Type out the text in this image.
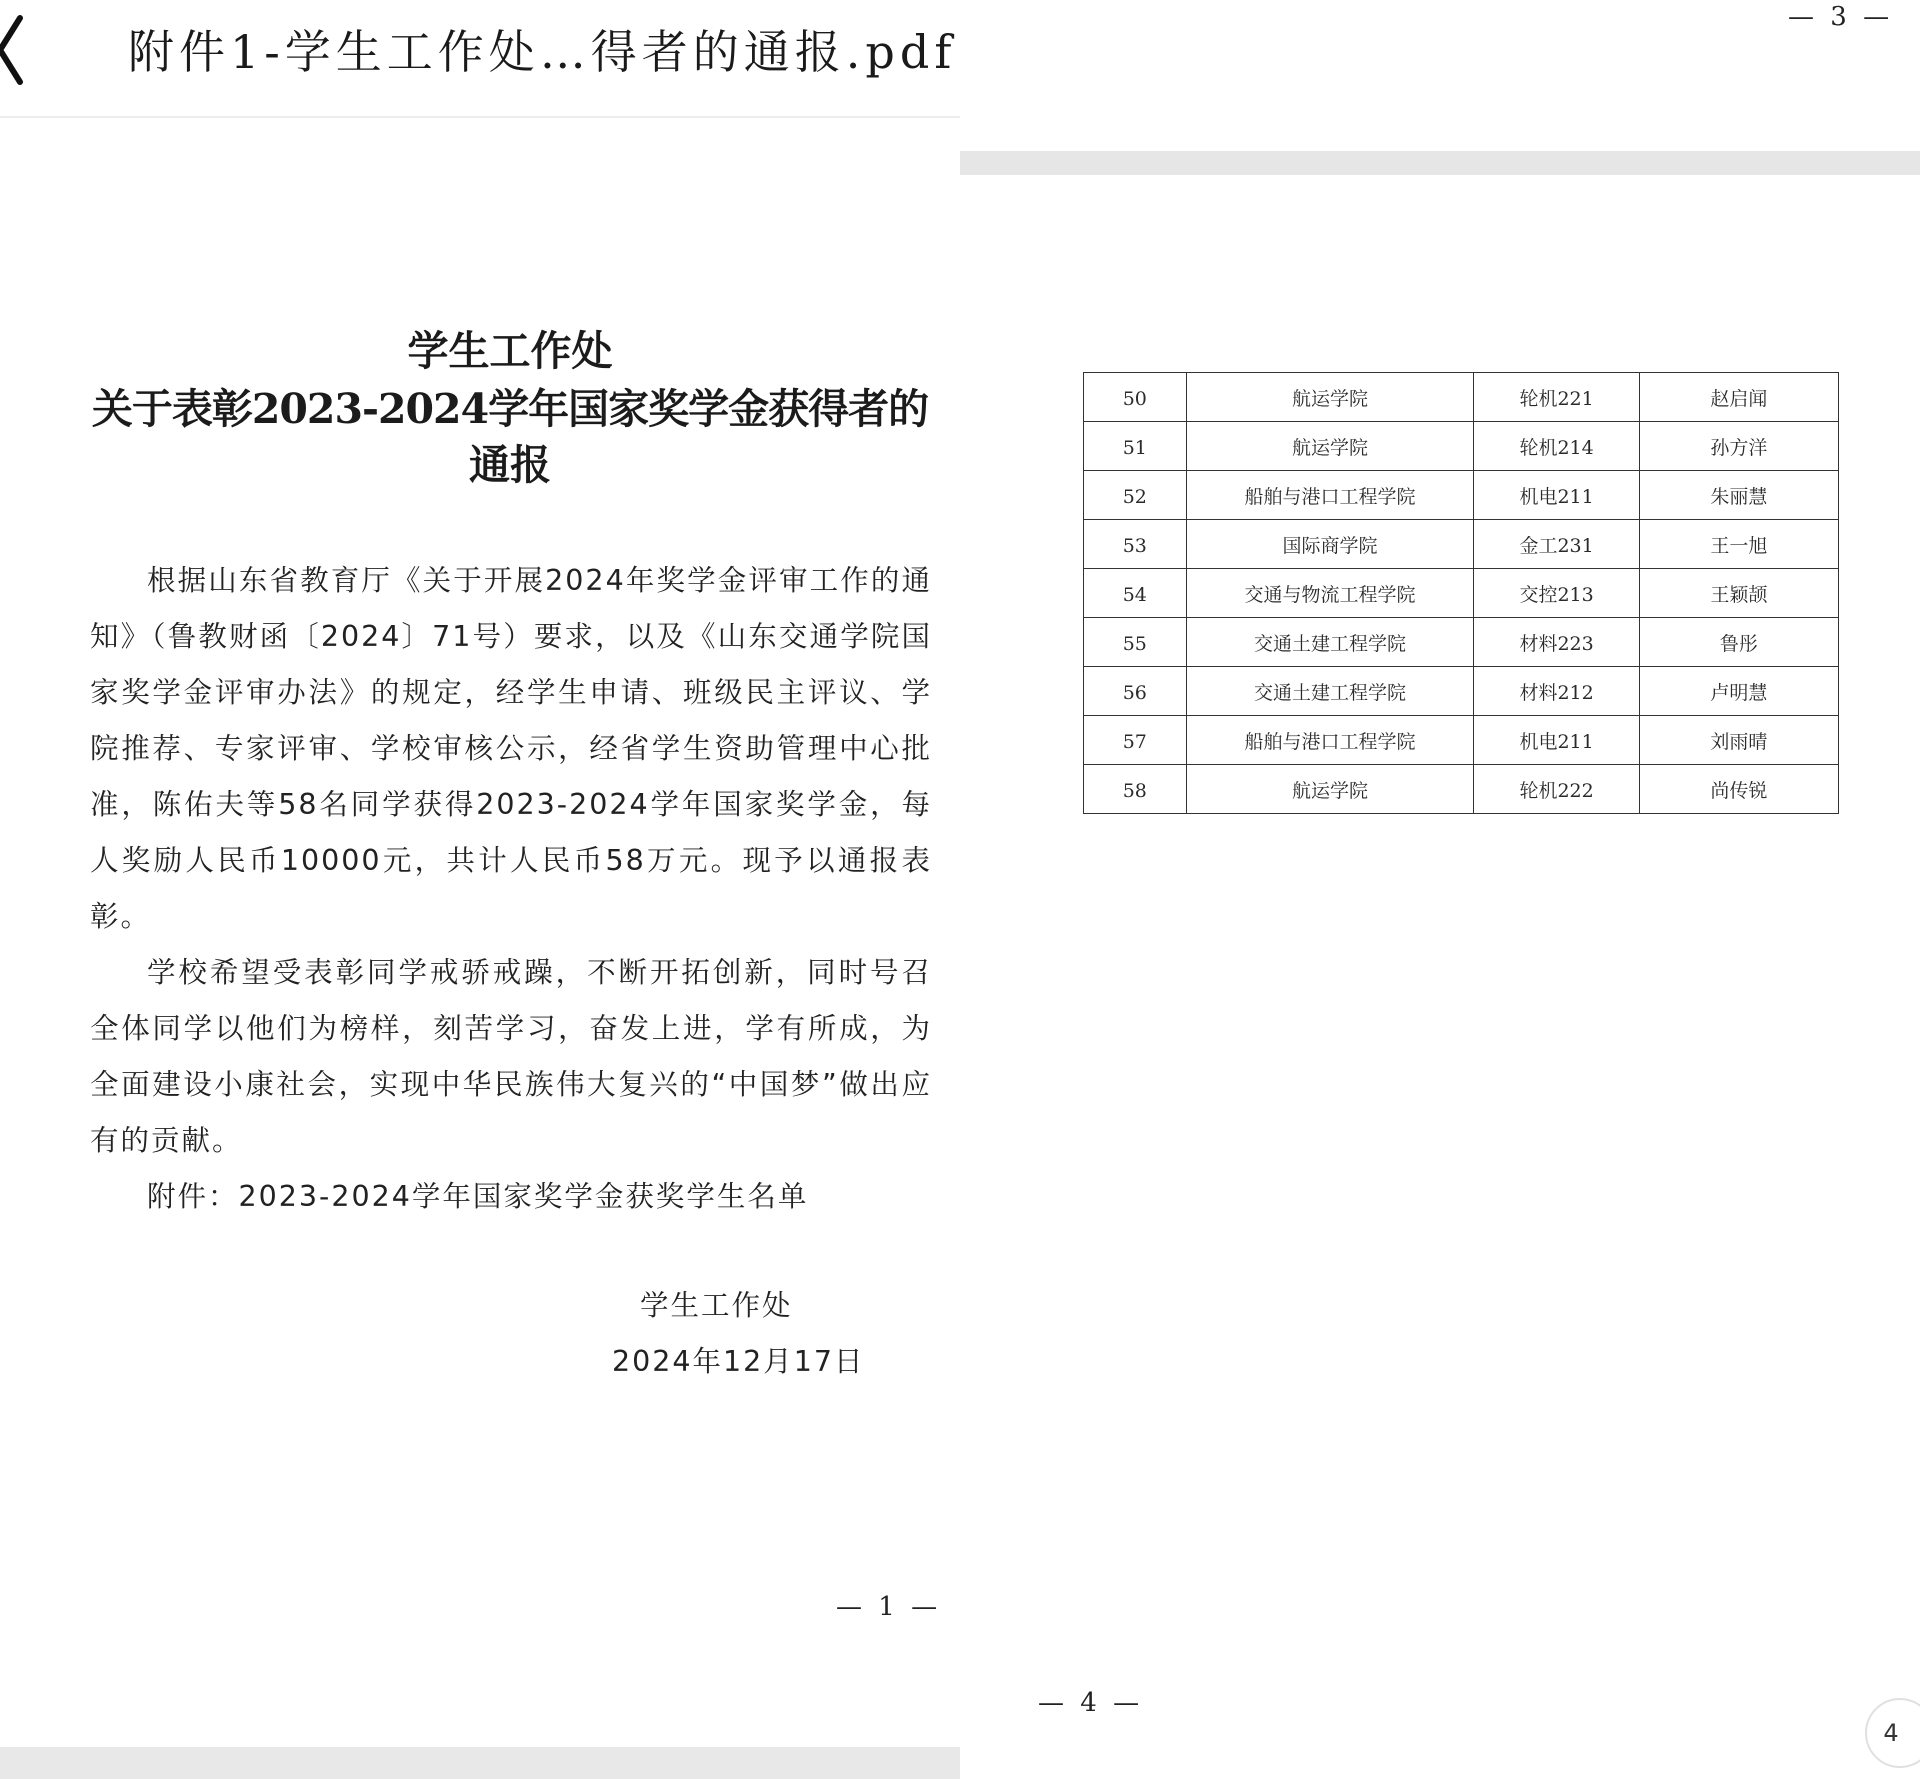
附件1-学生工作处…得者的通报.pdf
学生工作处
关于表彰2023-2024学年国家奖学金获得者的
通报

根据山东省教育厅《关于开展2024年奖学金评审工作的通知》（鲁教财函〔2024〕71号）要求，以及《山东交通学院国家奖学金评审办法》的规定，经学生申请、班级民主评议、学院推荐、专家评审、学校审核公示，经省学生资助管理中心批准，陈佑夫等58名同学获得2023-2024学年国家奖学金，每人奖励人民币10000元，共计人民币58万元。现予以通报表彰。

学校希望受表彰同学戒骄戒躁，不断开拓创新，同时号召全体同学以他们为榜样，刻苦学习，奋发上进，学有所成，为全面建设小康社会，实现中华民族伟大复兴的“中国梦”做出应有的贡献。

附件：2023-2024学年国家奖学金获奖学生名单

学生工作处
2024年12月17日
— 1 —
— 3 —
50	航运学院	轮机221	赵启闻
51	航运学院	轮机214	孙方洋
52	船舶与港口工程学院	机电211	朱丽慧
53	国际商学院	金工231	王一旭
54	交通与物流工程学院	交控213	王颖颉
55	交通土建工程学院	材料223	鲁彤
56	交通土建工程学院	材料212	卢明慧
57	船舶与港口工程学院	机电211	刘雨晴
58	航运学院	轮机222	尚传锐
— 4 —
4
